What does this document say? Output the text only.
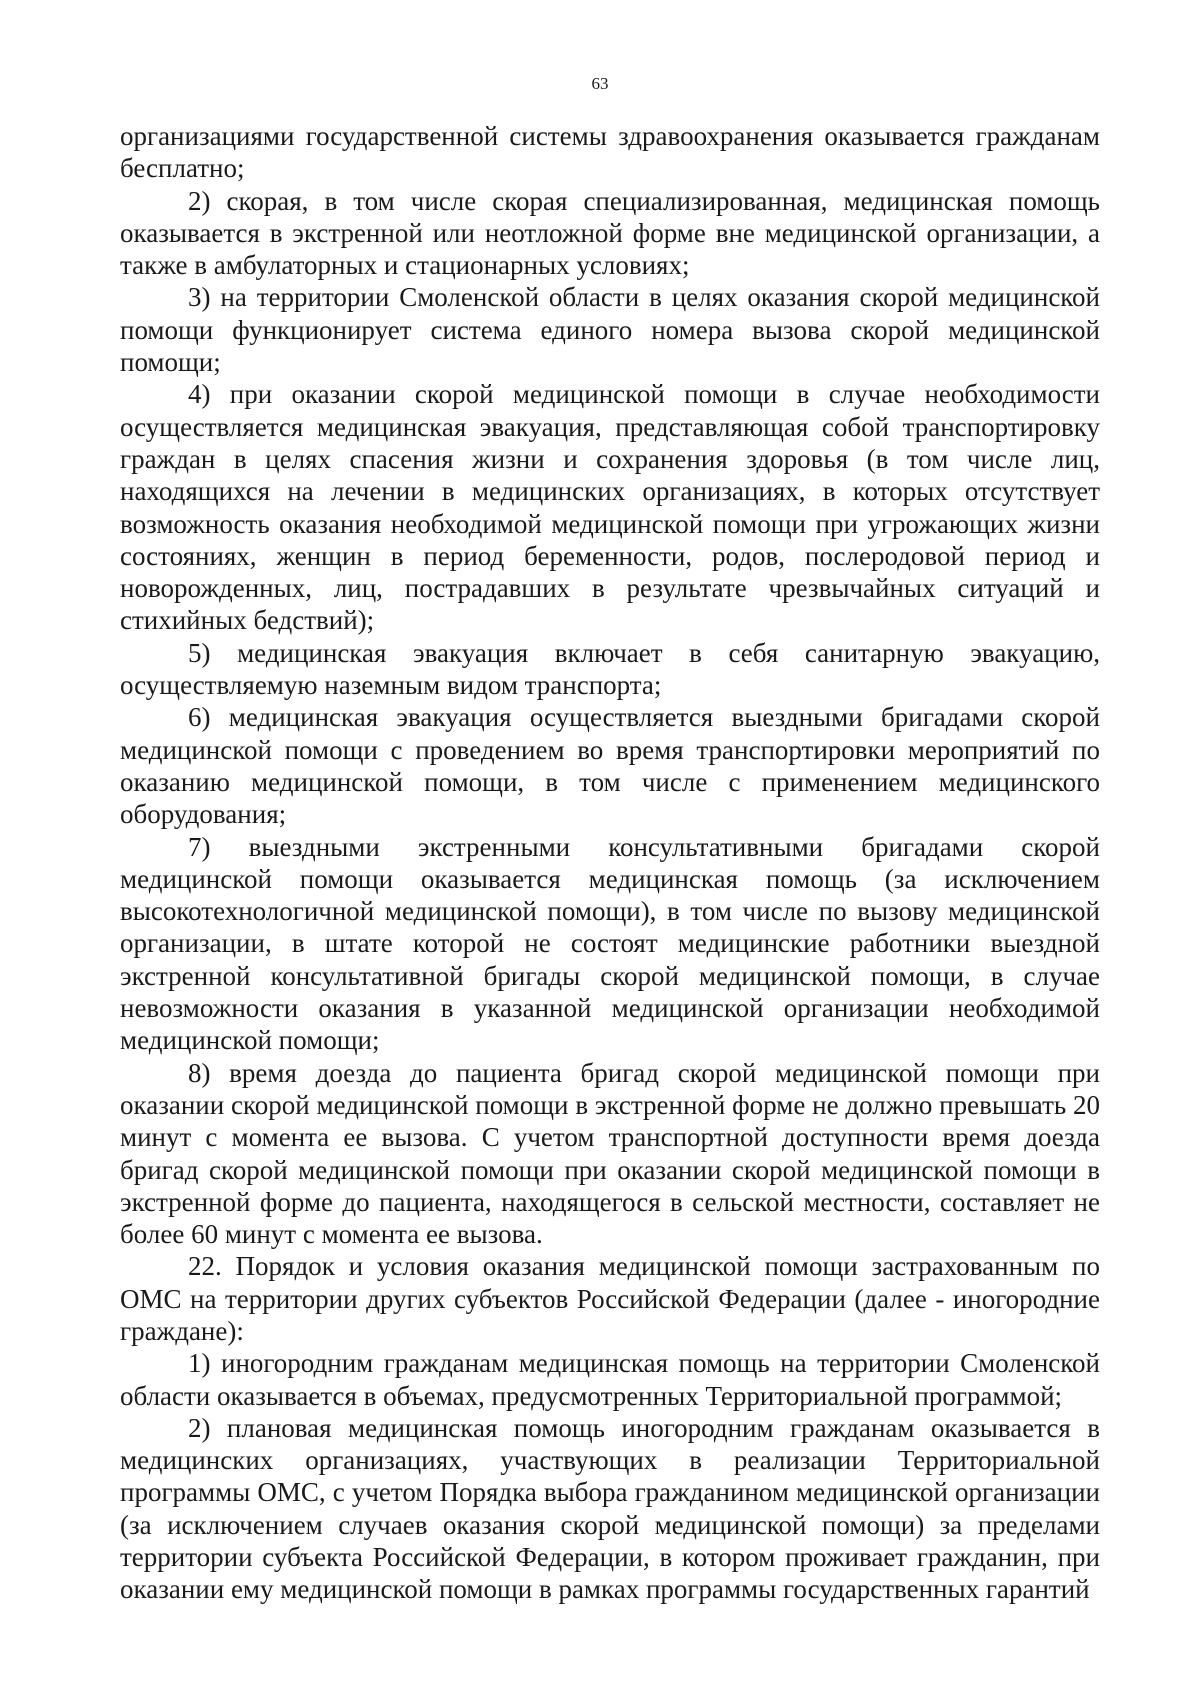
63

организациями государственной системы здравоохранения оказывается гражданам бесплатно;

2) скорая, в том числе скорая специализированная, медицинская помощь оказывается в экстренной или неотложной форме вне медицинской организации, а также в амбулаторных и стационарных условиях;

3) на территории Смоленской области в целях оказания скорой медицинской помощи функционирует система единого номера вызова скорой медицинской помощи;

4) при оказании скорой медицинской помощи в случае необходимости осуществляется медицинская эвакуация, представляющая собой транспортировку граждан в целях спасения жизни и сохранения здоровья (в том числе лиц, находящихся на лечении в медицинских организациях, в которых отсутствует возможность оказания необходимой медицинской помощи при угрожающих жизни состояниях, женщин в период беременности, родов, послеродовой период и новорожденных, лиц, пострадавших в результате чрезвычайных ситуаций и стихийных бедствий);

5) медицинская эвакуация включает в себя санитарную эвакуацию, осуществляемую наземным видом транспорта;

6) медицинская эвакуация осуществляется выездными бригадами скорой медицинской помощи с проведением во время транспортировки мероприятий по оказанию медицинской помощи, в том числе с применением медицинского оборудования;

7) выездными экстренными консультативными бригадами скорой медицинской помощи оказывается медицинская помощь (за исключением высокотехнологичной медицинской помощи), в том числе по вызову медицинской организации, в штате которой не состоят медицинские работники выездной экстренной консультативной бригады скорой медицинской помощи, в случае невозможности оказания в указанной медицинской организации необходимой медицинской помощи;

8) время доезда до пациента бригад скорой медицинской помощи при оказании скорой медицинской помощи в экстренной форме не должно превышать 20 минут с момента ее вызова. С учетом транспортной доступности время доезда бригад скорой медицинской помощи при оказании скорой медицинской помощи в экстренной форме до пациента, находящегося в сельской местности, составляет не более 60 минут с момента ее вызова.

22. Порядок и условия оказания медицинской помощи застрахованным по ОМС на территории других субъектов Российской Федерации (далее - иногородние граждане):

1) иногородним гражданам медицинская помощь на территории Смоленской области оказывается в объемах, предусмотренных Территориальной программой;

2) плановая медицинская помощь иногородним гражданам оказывается в медицинских организациях, участвующих в реализации Территориальной программы ОМС, с учетом Порядка выбора гражданином медицинской организации (за исключением случаев оказания скорой медицинской помощи) за пределами территории субъекта Российской Федерации, в котором проживает гражданин, при оказании ему медицинской помощи в рамках программы государственных гарантий
